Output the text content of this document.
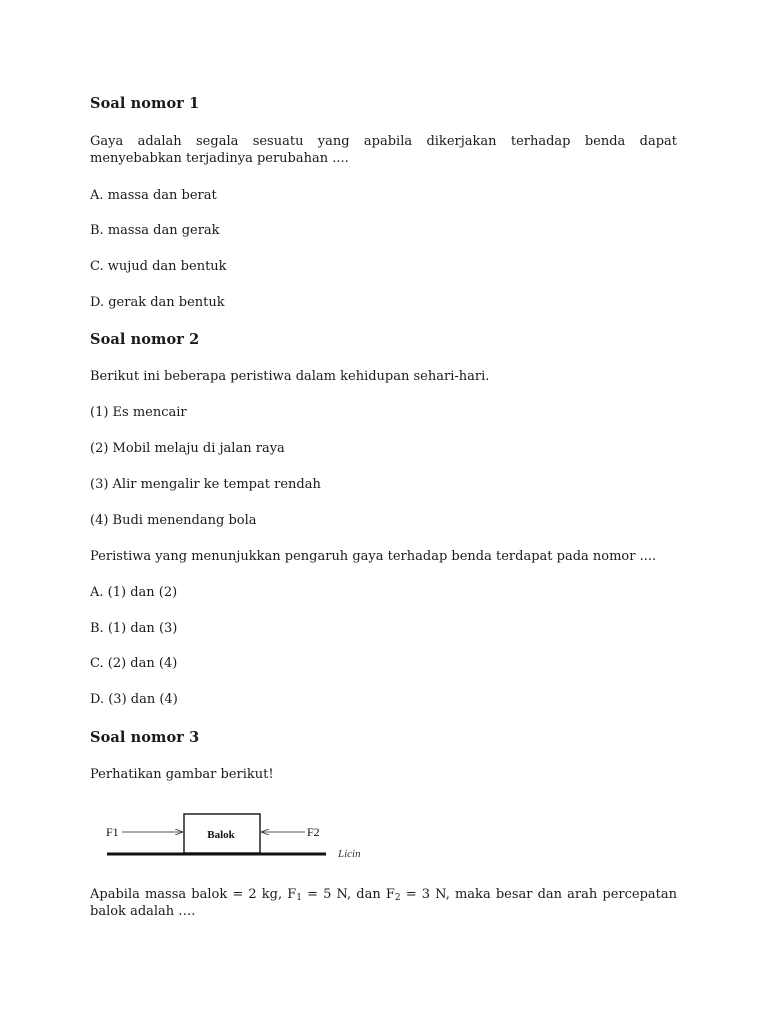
Soal nomor 1
Gaya adalah segala sesuatu yang apabila dikerjakan terhadap benda dapat menyebabkan terjadinya perubahan ....
A. massa dan berat
B. massa dan gerak
C. wujud dan bentuk
D. gerak dan bentuk
Soal nomor 2
Berikut ini beberapa peristiwa dalam kehidupan sehari-hari.
(1) Es mencair
(2) Mobil melaju di jalan raya
(3) Alir mengalir ke tempat rendah
(4) Budi menendang bola
Peristiwa yang menunjukkan pengaruh gaya terhadap benda terdapat pada nomor ....
A. (1) dan (2)
B. (1) dan (3)
C. (2) dan (4)
D. (3) dan (4)
Soal nomor 3
Perhatikan gambar berikut!
Apabila massa balok = 2 kg, $F_1 = 5$ N, dan $F_2 = 3$ N, maka besar dan arah percepatan balok adalah ….
Balok
F1	F2
Licin
